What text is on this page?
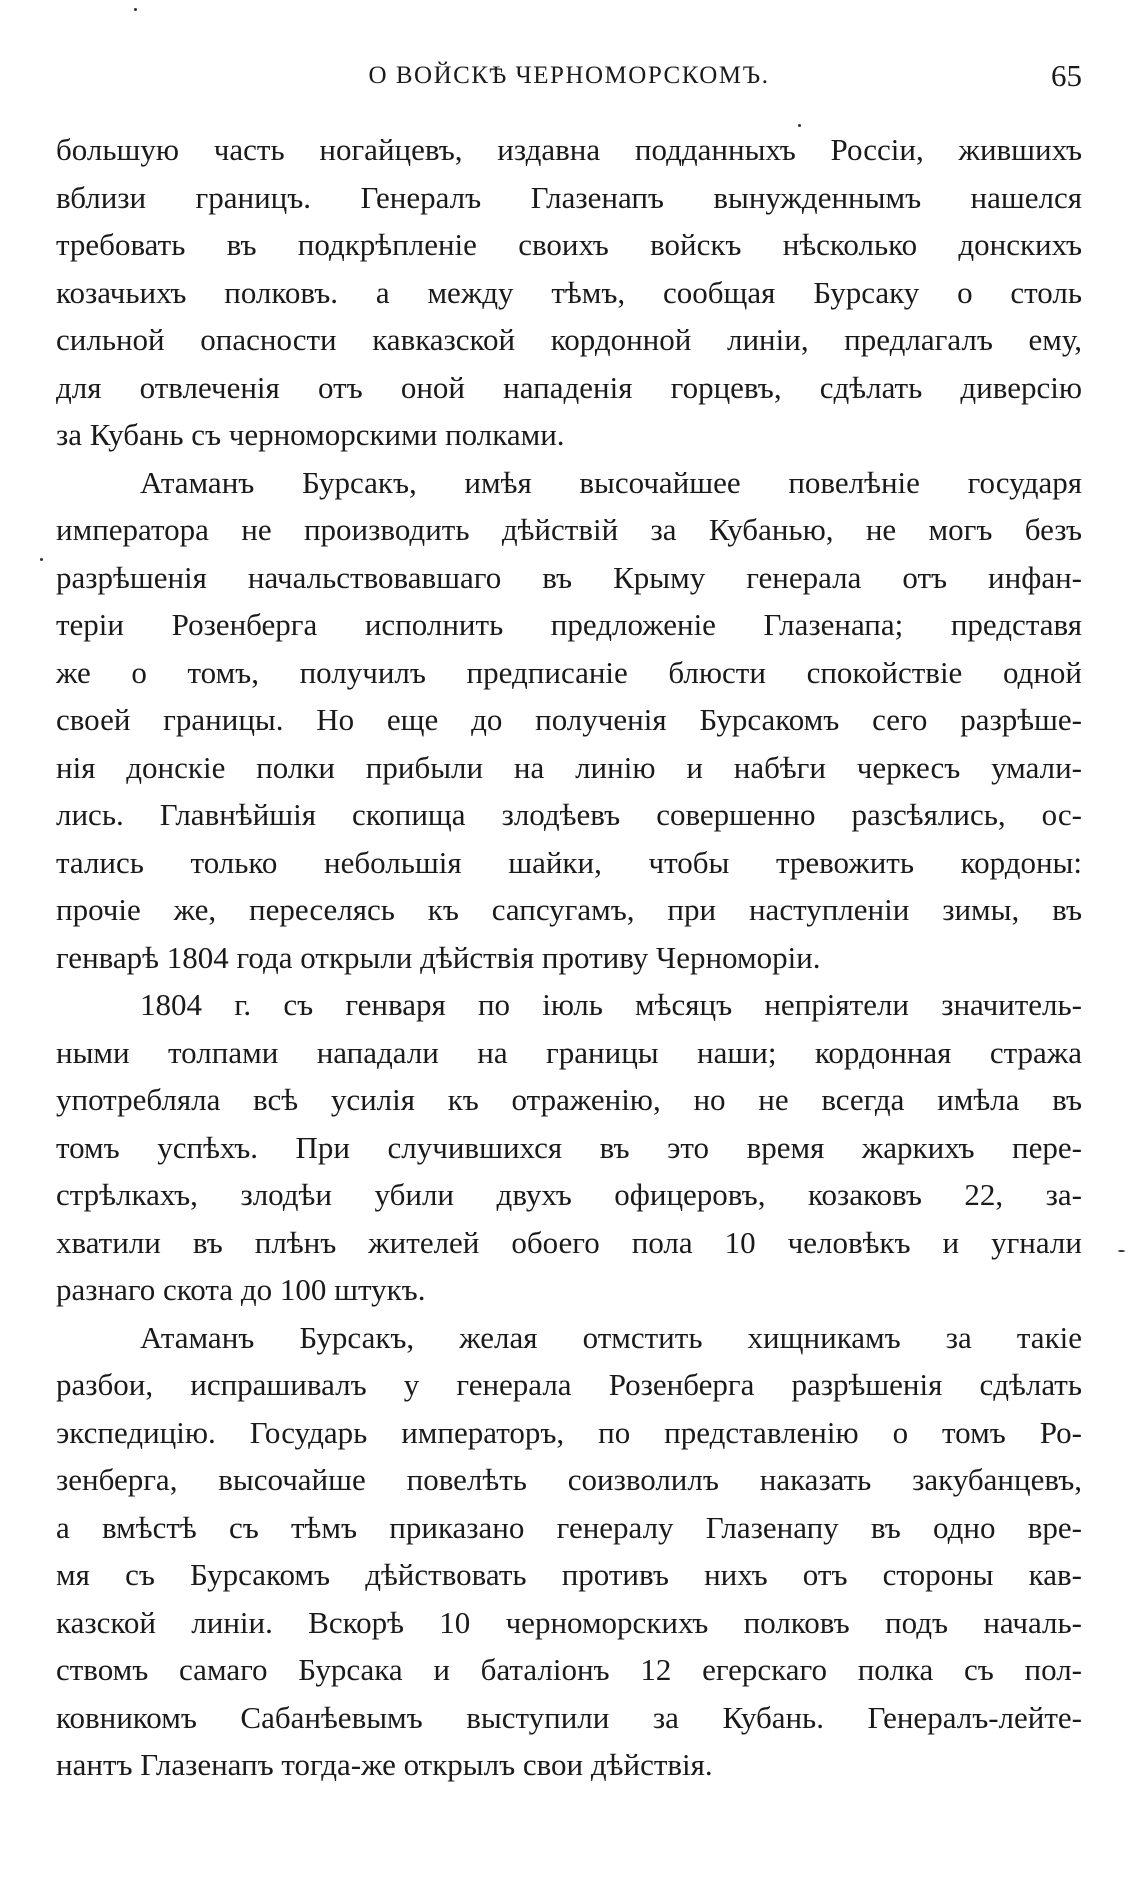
О ВОЙСКѢ ЧЕРНОМОРСКОМЪ.	65
большую часть ногайцевъ, издавна подданныхъ Россіи, жившихъ
вблизи границъ. Генералъ Глазенапъ вынужденнымъ нашелся
требовать въ подкрѣпленіе своихъ войскъ нѣсколько донскихъ
козачьихъ полковъ. а между тѣмъ, сообщая Бурсаку о столь
сильной опасности кавказской кордонной линіи, предлагалъ ему,
для отвлеченія отъ оной нападенія горцевъ, сдѣлать диверсію
за Кубань съ черноморскими полками.
Атаманъ Бурсакъ, имѣя высочайшее повелѣніе государя
императора не производить дѣйствій за Кубанью, не могъ безъ
разрѣшенія начальствовавшаго въ Крыму генерала отъ инфан-
теріи Розенберга исполнить предложеніе Глазенапа; представя
же о томъ, получилъ предписаніе блюсти спокойствіе одной
своей границы. Но еще до полученія Бурсакомъ сего разрѣше-
нія донскіе полки прибыли на линію и набѣги черкесъ умали-
лись. Главнѣйшія скопища злодѣевъ совершенно разсѣялись, ос-
тались только небольшія шайки, чтобы тревожить кордоны:
прочіе же, переселясь къ сапсугамъ, при наступленіи зимы, въ
генварѣ 1804 года открыли дѣйствія противу Черноморіи.
1804 г. съ генваря по іюль мѣсяцъ непріятели значитель-
ными толпами нападали на границы наши; кордонная стража
употребляла всѣ усилія къ отраженію, но не всегда имѣла въ
томъ успѣхъ. При случившихся въ это время жаркихъ пере-
стрѣлкахъ, злодѣи убили двухъ офицеровъ, козаковъ 22, за-
хватили въ плѣнъ жителей обоего пола 10 человѣкъ и угнали
разнаго скота до 100 штукъ.
Атаманъ Бурсакъ, желая отмстить хищникамъ за такіе
разбои, испрашивалъ у генерала Розенберга разрѣшенія сдѣлать
экспедицію. Государь императоръ, по представленію о томъ Ро-
зенберга, высочайше повелѣть соизволилъ наказать закубанцевъ,
а вмѣстѣ съ тѣмъ приказано генералу Глазенапу въ одно вре-
мя съ Бурсакомъ дѣйствовать противъ нихъ отъ стороны кав-
казской линіи. Вскорѣ 10 черноморскихъ полковъ подъ началь-
ствомъ самаго Бурсака и баталіонъ 12 егерскаго полка съ пол-
ковникомъ Сабанѣевымъ выступили за Кубань. Генералъ-лейте-
нантъ Глазенапъ тогда-же открылъ свои дѣйствія.
